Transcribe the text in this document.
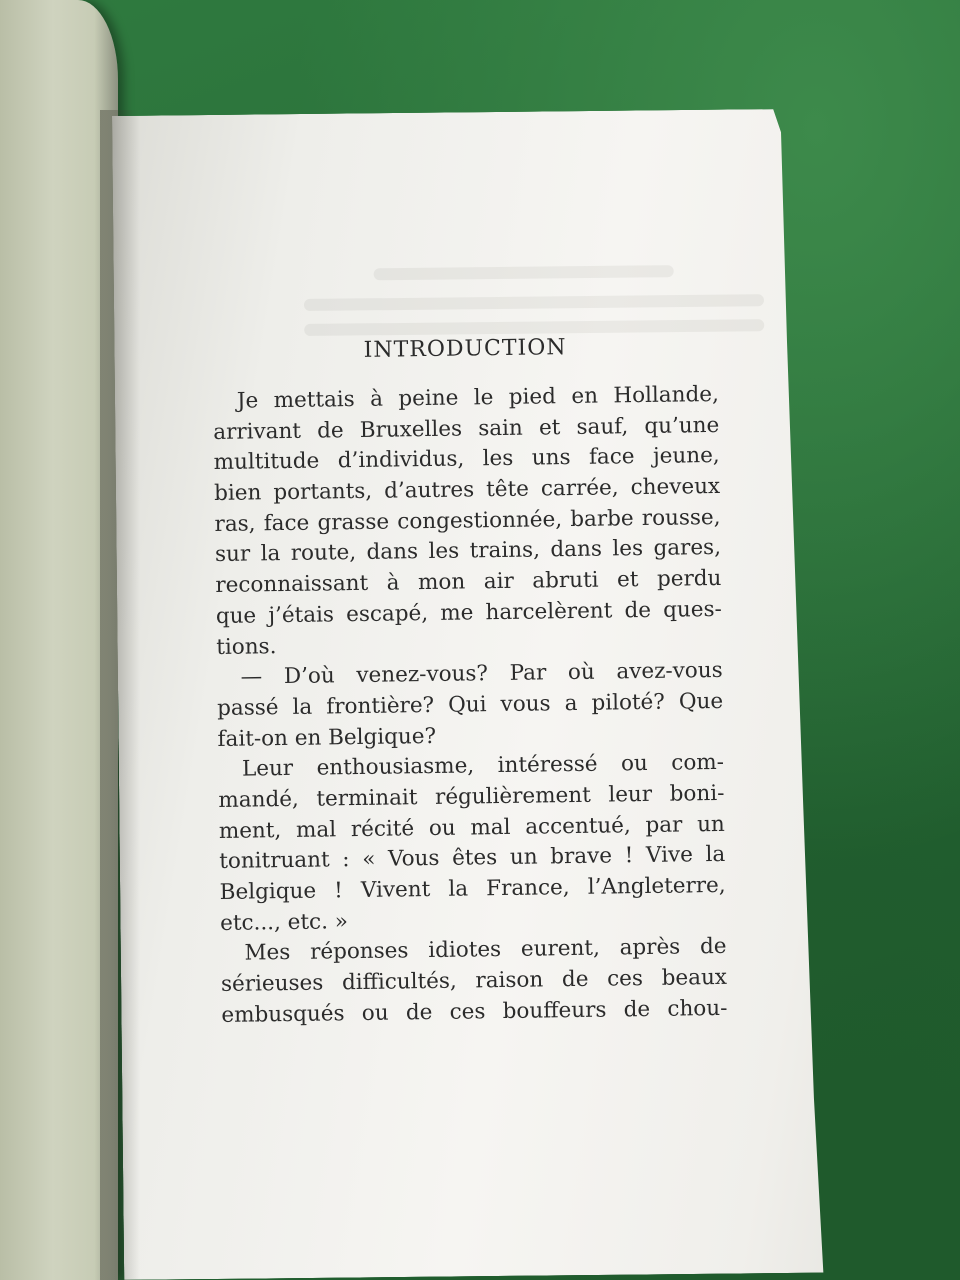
INTRODUCTION
Je mettais à peine le pied en Hollande,
arrivant de Bruxelles sain et sauf, qu’une
multitude d’individus, les uns face jeune,
bien portants, d’autres tête carrée, cheveux
ras, face grasse congestionnée, barbe rousse,
sur la route, dans les trains, dans les gares,
reconnaissant à mon air abruti et perdu
que j’étais escapé, me harcelèrent de ques-
tions.
— D’où venez-vous? Par où avez-vous
passé la frontière? Qui vous a piloté? Que
fait-on en Belgique?
Leur enthousiasme, intéressé ou com-
mandé, terminait régulièrement leur boni-
ment, mal récité ou mal accentué, par un
tonitruant : « Vous êtes un brave ! Vive la
Belgique ! Vivent la France, l’Angleterre,
etc..., etc. »
Mes réponses idiotes eurent, après de
sérieuses difficultés, raison de ces beaux
embusqués ou de ces bouffeurs de chou-
